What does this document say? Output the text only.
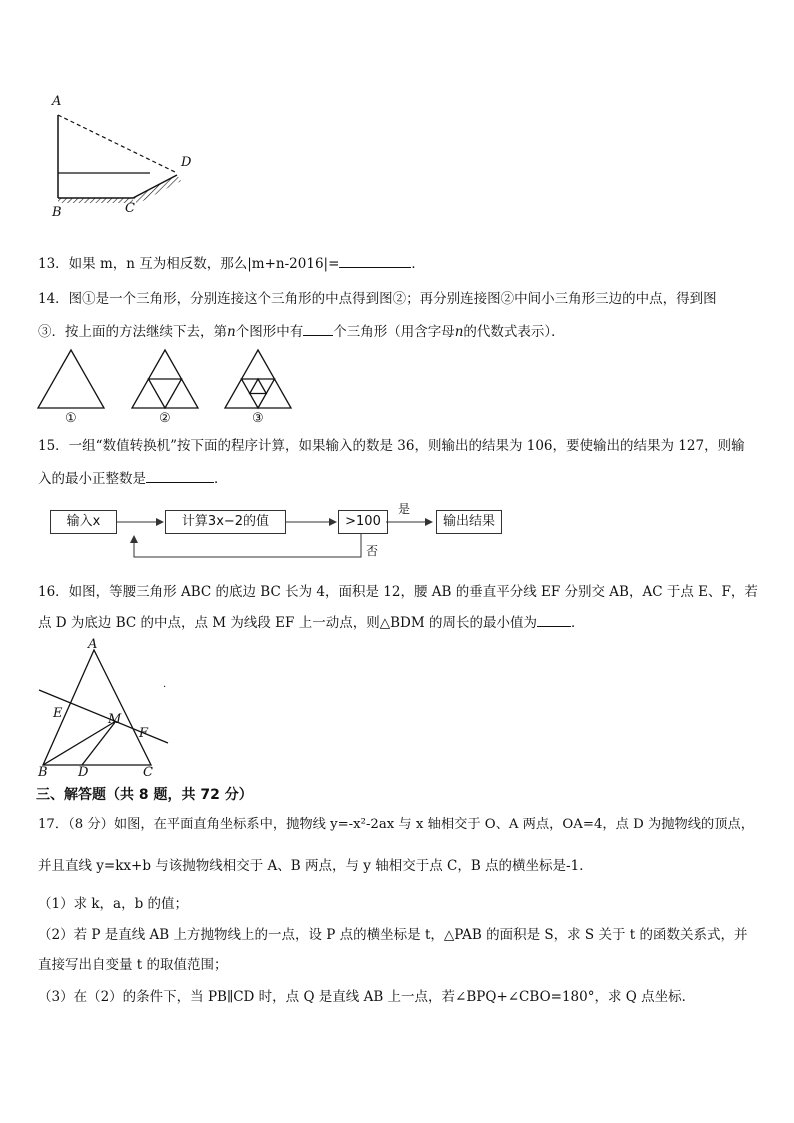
A
B	C
D
13．如果 m，n 互为相反数，那么|m+n-2016|=	．
14．图①是一个三角形，分别连接这个三角形的中点得到图②；再分别连接图②中间小三角形三边的中点，得到图
③．按上面的方法继续下去，第n个图形中有 个三角形（用含字母n的代数式表示）．
①	②	③
15．一组“数值转换机”按下面的程序计算，如果输入的数是 36，则输出的结果为 106，要使输出的结果为 127，则输
入的最小正整数是	．
输入x	计算3x−2的值	>100	输出结果
是
否
16．如图，等腰三角形 ABC 的底边 BC 长为 4，面积是 12，腰 AB 的垂直平分线 EF 分别交 AB，AC 于点 E、F，若
点 D 为底边 BC 的中点，点 M 为线段 EF 上一动点，则△BDM 的周长的最小值为	．
·
A
E	M
F
B D	C
三、解答题（共 8 题，共 72 分）
17．（8 分）如图，在平面直角坐标系中，抛物线 y=-x²-2ax 与 x 轴相交于 O、A 两点，OA=4，点 D 为抛物线的顶点，
并且直线 y=kx+b 与该抛物线相交于 A、B 两点，与 y 轴相交于点 C，B 点的横坐标是-1．
（1）求 k，a，b 的值；
（2）若 P 是直线 AB 上方抛物线上的一点，设 P 点的横坐标是 t，△PAB 的面积是 S，求 S 关于 t 的函数关系式，并
直接写出自变量 t 的取值范围；
（3）在（2）的条件下，当 PB∥CD 时，点 Q 是直线 AB 上一点，若∠BPQ+∠CBO=180°，求 Q 点坐标．
